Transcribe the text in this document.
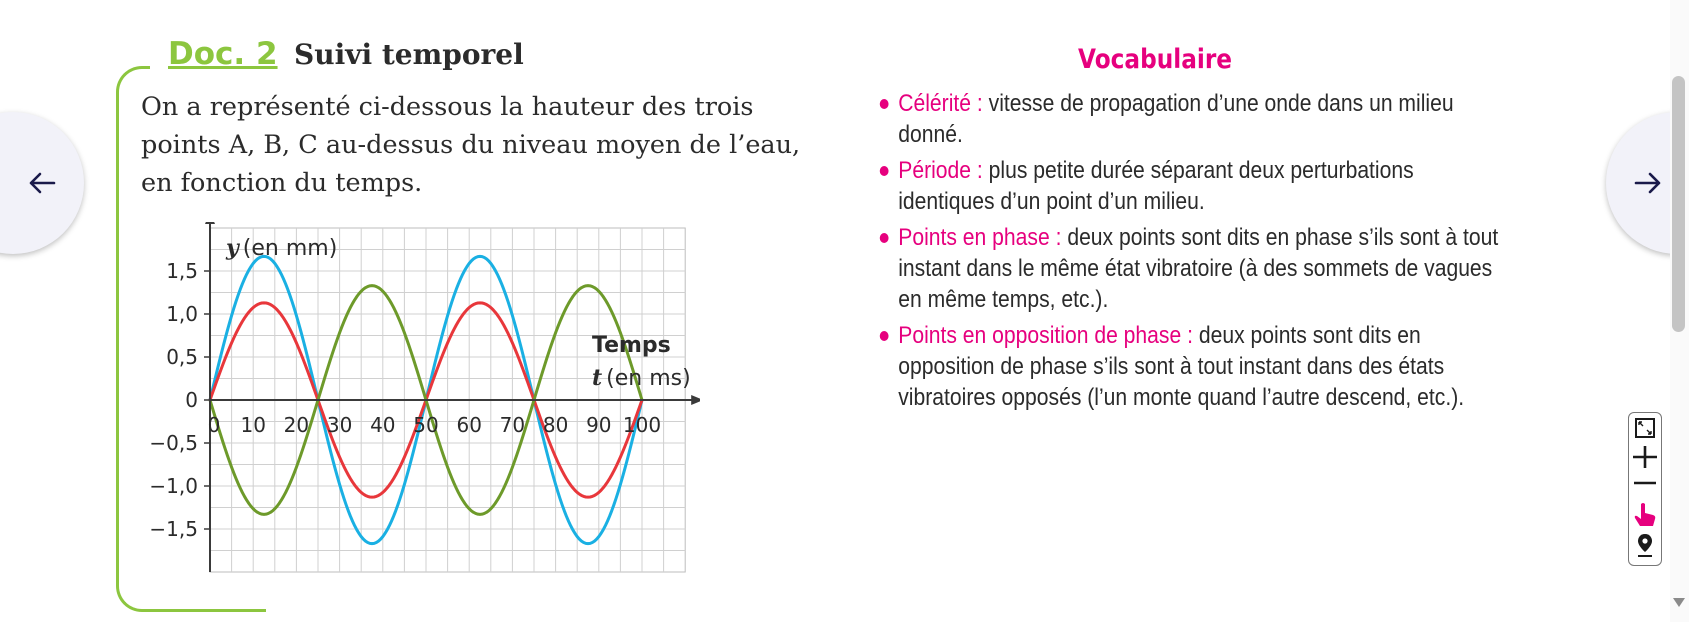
Doc. 2 Suivi temporel

On a représenté ci-dessous la hauteur des trois points A, B, C au-dessus du niveau moyen de l’eau, en fonction du temps.

1,5
1,0
0,5
0
−0,5
−1,0
−1,5
0 10 20 30 40 50 60 70 80 90 100
y (en mm)
Temps
t (en ms)
Vocabulaire
Célérité : vitesse de propagation d’une onde dans un milieu donné.
Période : plus petite durée séparant deux perturbations identiques d’un point d’un milieu.
Points en phase : deux points sont dits en phase s’ils sont à tout instant dans le même état vibratoire (à des sommets de vagues en même temps, etc.).
Points en opposition de phase : deux points sont dits en opposition de phase s’ils sont à tout instant dans des états vibratoires opposés (l’un monte quand l’autre descend, etc.).
